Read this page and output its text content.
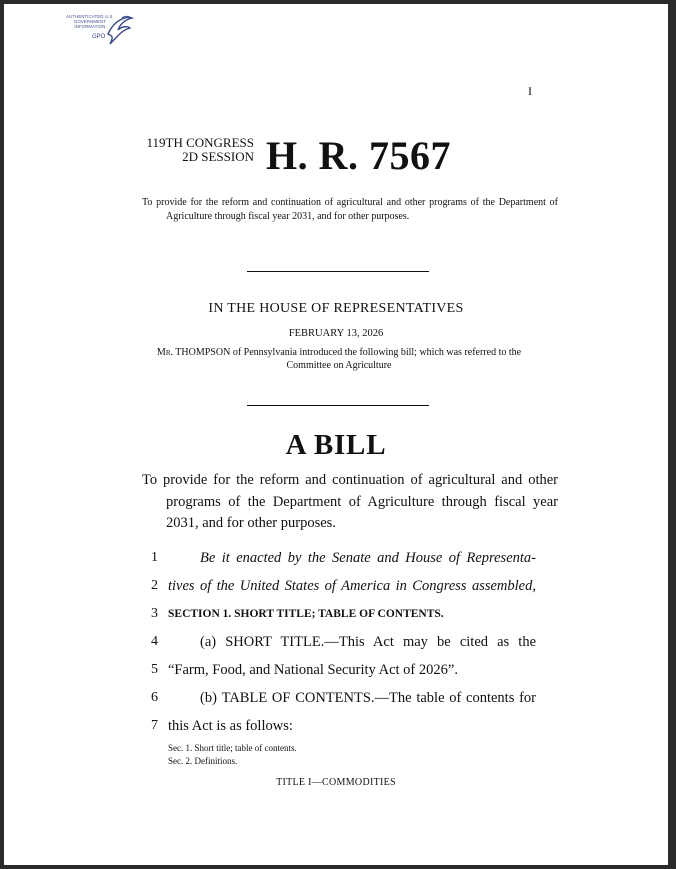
AUTHENTICATED U.S. GOVERNMENT INFORMATION
GPO
I
119TH CONGRESS
2D SESSION H. R. 7567
To provide for the reform and continuation of agricultural and other programs of the Department of Agriculture through fiscal year 2031, and for other purposes.
IN THE HOUSE OF REPRESENTATIVES
FEBRUARY 13, 2026
Mr. THOMPSON of Pennsylvania introduced the following bill; which was referred to the Committee on Agriculture
A BILL
To provide for the reform and continuation of agricultural and other programs of the Department of Agriculture through fiscal year 2031, and for other purposes.
1	Be it enacted by the Senate and House of Representa-
2 tives of the United States of America in Congress assembled,
3 SECTION 1. SHORT TITLE; TABLE OF CONTENTS.
4	(a) SHORT TITLE.—This Act may be cited as the
5 “Farm, Food, and National Security Act of 2026”.
6	(b) TABLE OF CONTENTS.—The table of contents for
7 this Act is as follows:
Sec. 1. Short title; table of contents.
Sec. 2. Definitions.
TITLE I—COMMODITIES
